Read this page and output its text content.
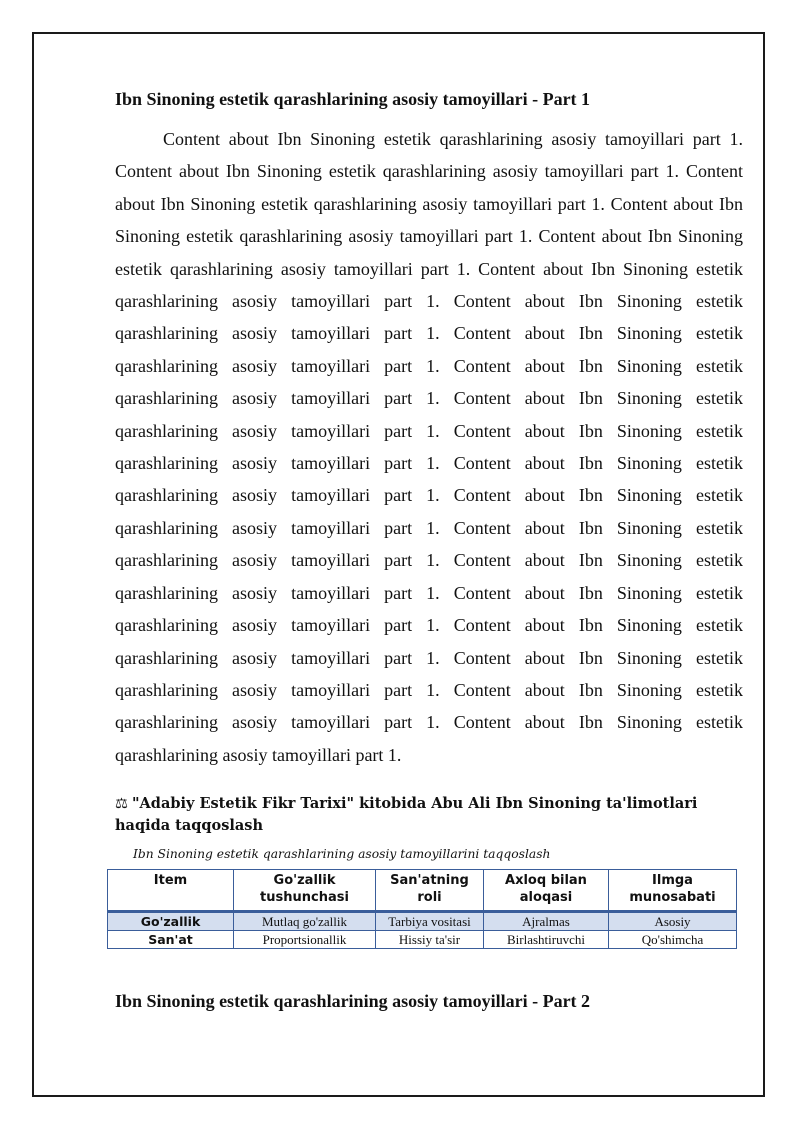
Ibn Sinoning estetik qarashlarining asosiy tamoyillari - Part 1

Content about Ibn Sinoning estetik qarashlarining asosiy tamoyillari part 1. Content about Ibn Sinoning estetik qarashlarining asosiy tamoyillari part 1. Content about Ibn Sinoning estetik qarashlarining asosiy tamoyillari part 1. Content about Ibn Sinoning estetik qarashlarining asosiy tamoyillari part 1. Content about Ibn Sinoning estetik qarashlarining asosiy tamoyillari part 1. Content about Ibn Sinoning estetik qarashlarining asosiy tamoyillari part 1. Content about Ibn Sinoning estetik qarashlarining asosiy tamoyillari part 1. Content about Ibn Sinoning estetik qarashlarining asosiy tamoyillari part 1. Content about Ibn Sinoning estetik qarashlarining asosiy tamoyillari part 1. Content about Ibn Sinoning estetik qarashlarining asosiy tamoyillari part 1. Content about Ibn Sinoning estetik qarashlarining asosiy tamoyillari part 1. Content about Ibn Sinoning estetik qarashlarining asosiy tamoyillari part 1. Content about Ibn Sinoning estetik qarashlarining asosiy tamoyillari part 1. Content about Ibn Sinoning estetik qarashlarining asosiy tamoyillari part 1. Content about Ibn Sinoning estetik qarashlarining asosiy tamoyillari part 1. Content about Ibn Sinoning estetik qarashlarining asosiy tamoyillari part 1. Content about Ibn Sinoning estetik qarashlarining asosiy tamoyillari part 1. Content about Ibn Sinoning estetik qarashlarining asosiy tamoyillari part 1. Content about Ibn Sinoning estetik qarashlarining asosiy tamoyillari part 1. Content about Ibn Sinoning estetik qarashlarining asosiy tamoyillari part 1.

⚖ "Adabiy Estetik Fikr Tarixi" kitobida Abu Ali Ibn Sinoning ta'limotlari haqida taqqoslash
Ibn Sinoning estetik qarashlarining asosiy tamoyillarini taqqoslash
Item	Go'zallik tushunchasi	San'atning roli	Axloq bilan aloqasi	Ilmga munosabati
Go'zallik	Mutlaq go'zallik	Tarbiya vositasi	Ajralmas	Asosiy
San'at	Proportsionallik	Hissiy ta'sir	Birlashtiruvchi	Qo'shimcha
Ibn Sinoning estetik qarashlarining asosiy tamoyillari - Part 2
